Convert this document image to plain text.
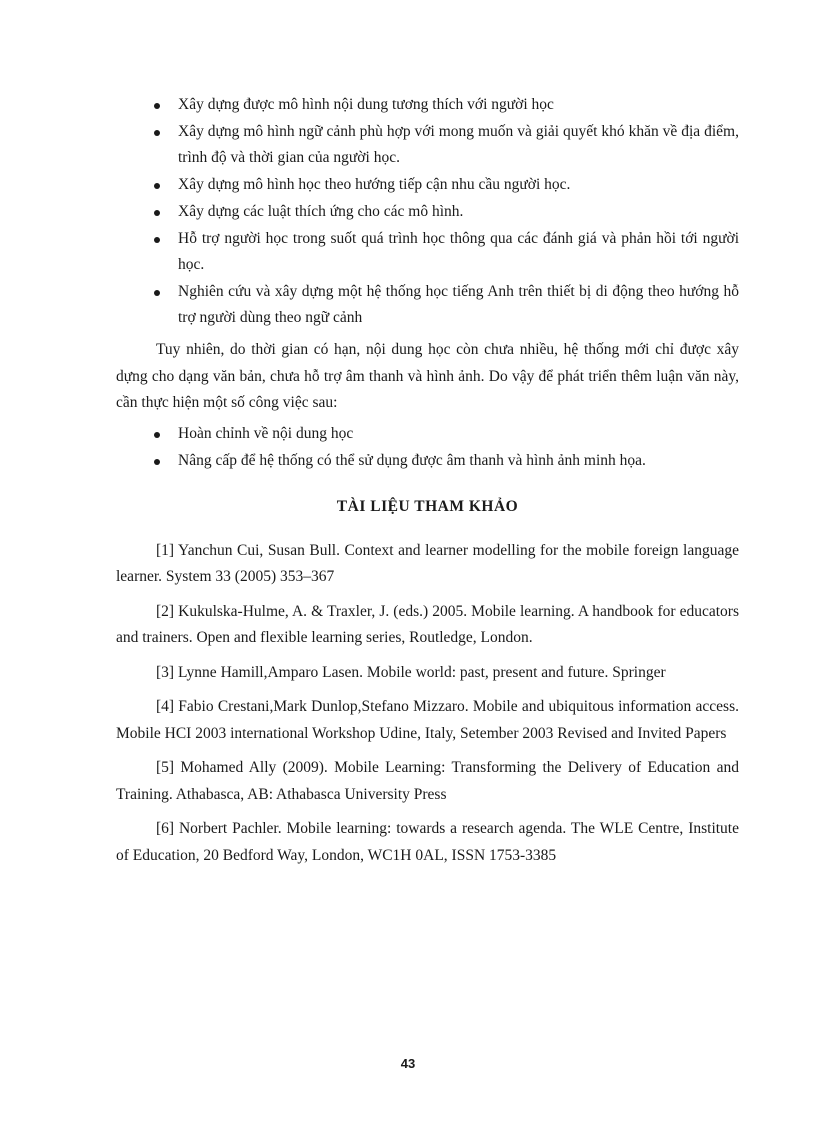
Xây dựng được mô hình nội dung tương thích với người học
Xây dựng mô hình ngữ cảnh phù hợp với mong muốn và giải quyết khó khăn về địa điểm, trình độ và thời gian của người học.
Xây dựng mô hình học theo hướng tiếp cận nhu cầu người học.
Xây dựng các luật thích ứng cho các mô hình.
Hỗ trợ người học trong suốt quá trình học thông qua các đánh giá và phản hồi tới người học.
Nghiên cứu và xây dựng một hệ thống học tiếng Anh trên thiết bị di động theo hướng hỗ trợ người dùng theo ngữ cảnh

Tuy nhiên, do thời gian có hạn, nội dung học còn chưa nhiều, hệ thống mới chỉ được xây dựng cho dạng văn bản, chưa hỗ trợ âm thanh và hình ảnh. Do vậy để phát triển thêm luận văn này, cần thực hiện một số công việc sau:

Hoàn chỉnh về nội dung học
Nâng cấp để hệ thống có thể sử dụng được âm thanh và hình ảnh minh họa.
TÀI LIỆU THAM KHẢO

[1] Yanchun Cui, Susan Bull. Context and learner modelling for the mobile foreign language learner. System 33 (2005) 353–367

[2] Kukulska-Hulme, A. & Traxler, J. (eds.) 2005. Mobile learning. A handbook for educators and trainers. Open and flexible learning series, Routledge, London.

[3] Lynne Hamill,Amparo Lasen. Mobile world: past, present and future. Springer

[4] Fabio Crestani,Mark Dunlop,Stefano Mizzaro. Mobile and ubiquitous information access. Mobile HCI 2003 international Workshop Udine, Italy, Setember 2003 Revised and Invited Papers

[5] Mohamed Ally (2009). Mobile Learning: Transforming the Delivery of Education and Training. Athabasca, AB: Athabasca University Press

[6] Norbert Pachler. Mobile learning: towards a research agenda. The WLE Centre, Institute of Education, 20 Bedford Way, London, WC1H 0AL, ISSN 1753-3385

43
